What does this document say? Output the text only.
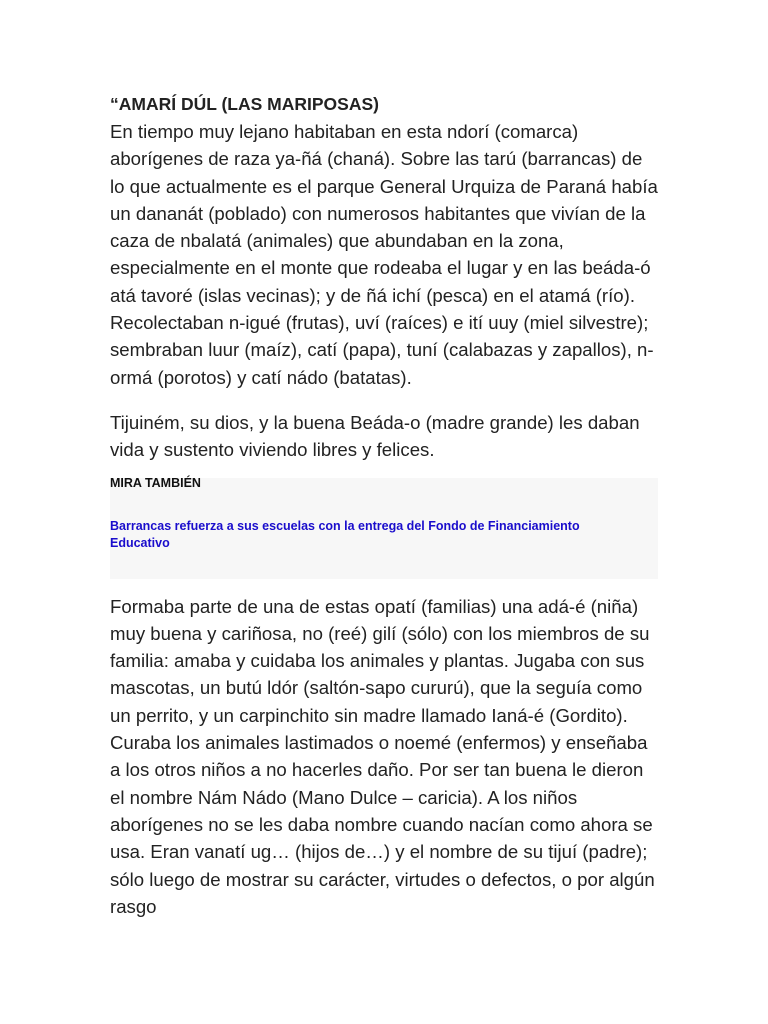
“AMARÍ DÚL (LAS MARIPOSAS)

En tiempo muy lejano habitaban en esta ndorí (comarca) aborígenes de raza ya-ñá (chaná). Sobre las tarú (barrancas) de lo que actualmente es el parque General Urquiza de Paraná había un dananát (poblado) con numerosos habitantes que vivían de la caza de nbalatá (animales) que abundaban en la zona, especialmente en el monte que rodeaba el lugar y en las beáda-ó atá tavoré (islas vecinas); y de ñá ichí (pesca) en el atamá (río). Recolectaban n-igué (frutas), uví (raíces) e ití uuy (miel silvestre); sembraban luur (maíz), catí (papa), tuní (calabazas y zapallos), n-ormá (porotos) y catí nádo (batatas).

Tijuiném, su dios, y la buena Beáda-o (madre grande) les daban vida y sustento viviendo libres y felices.

MIRA TAMBIÉN
Barrancas refuerza a sus escuelas con la entrega del Fondo de Financiamiento Educativo

Formaba parte de una de estas opatí (familias) una adá-é (niña) muy buena y cariñosa, no (reé) gilí (sólo) con los miembros de su familia: amaba y cuidaba los animales y plantas. Jugaba con sus mascotas, un butú ldór (saltón-sapo cururú), que la seguía como un perrito, y un carpinchito sin madre llamado Ianá-é (Gordito). Curaba los animales lastimados o noemé (enfermos) y enseñaba a los otros niños a no hacerles daño. Por ser tan buena le dieron el nombre Nám Nádo (Mano Dulce – caricia). A los niños aborígenes no se les daba nombre cuando nacían como ahora se usa. Eran vanatí ug… (hijos de…) y el nombre de su tijuí (padre); sólo luego de mostrar su carácter, virtudes o defectos, o por algún rasgo
